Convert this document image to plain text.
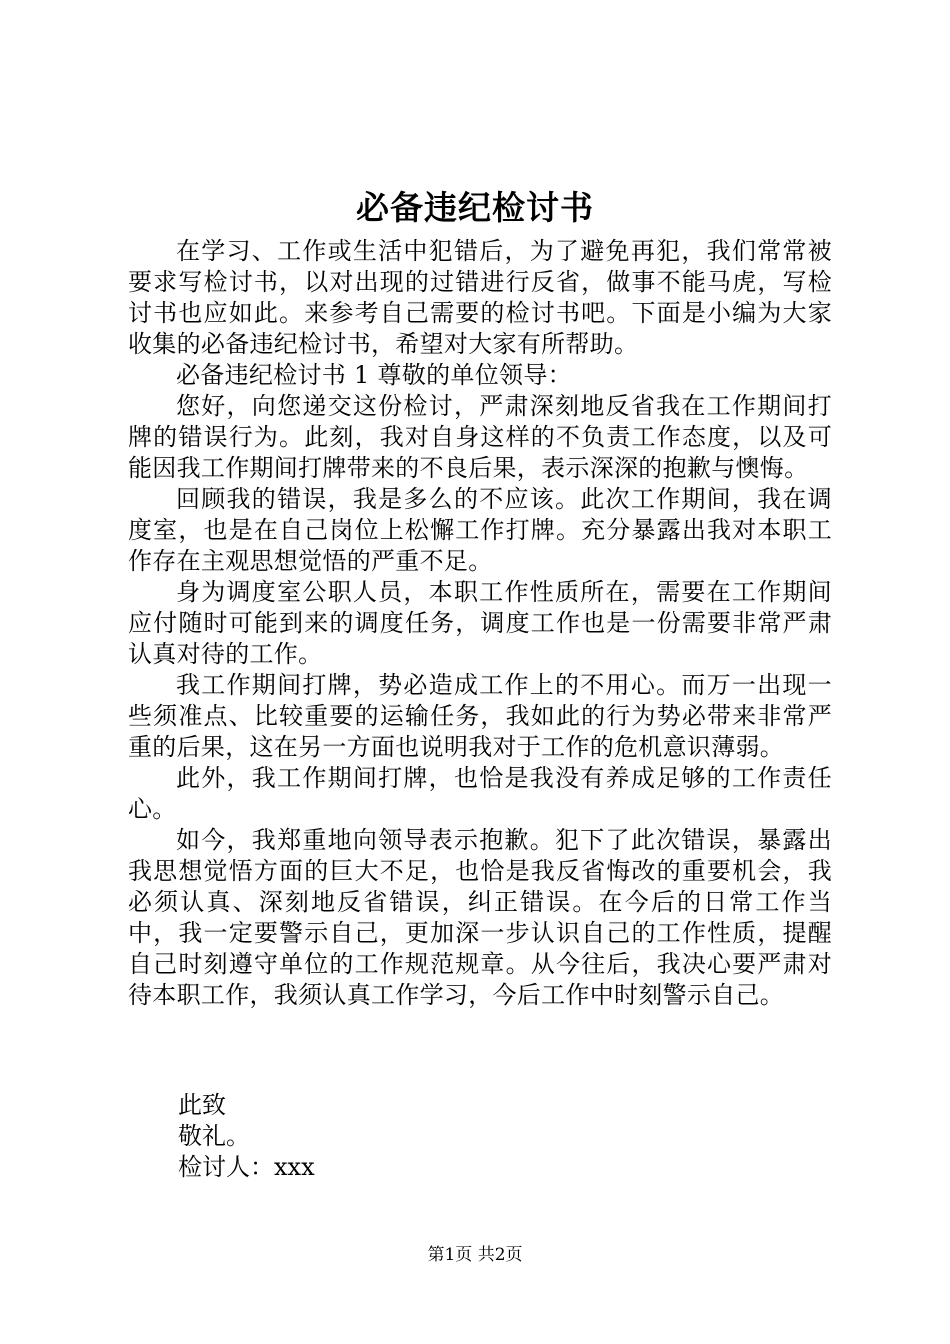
必备违纪检讨书

在学习、工作或生活中犯错后，为了避免再犯，我们常常被要求写检讨书，以对出现的过错进行反省，做事不能马虎，写检讨书也应如此。来参考自己需要的检讨书吧。下面是小编为大家收集的必备违纪检讨书，希望对大家有所帮助。

必备违纪检讨书 1 尊敬的单位领导：

您好，向您递交这份检讨，严肃深刻地反省我在工作期间打牌的错误行为。此刻，我对自身这样的不负责工作态度，以及可能因我工作期间打牌带来的不良后果，表示深深的抱歉与懊悔。

回顾我的错误，我是多么的不应该。此次工作期间，我在调度室，也是在自己岗位上松懈工作打牌。充分暴露出我对本职工作存在主观思想觉悟的严重不足。

身为调度室公职人员，本职工作性质所在，需要在工作期间应付随时可能到来的调度任务，调度工作也是一份需要非常严肃认真对待的工作。

我工作期间打牌，势必造成工作上的不用心。而万一出现一些须准点、比较重要的运输任务，我如此的行为势必带来非常严重的后果，这在另一方面也说明我对于工作的危机意识薄弱。

此外，我工作期间打牌，也恰是我没有养成足够的工作责任心。

如今，我郑重地向领导表示抱歉。犯下了此次错误，暴露出我思想觉悟方面的巨大不足，也恰是我反省悔改的重要机会，我必须认真、深刻地反省错误，纠正错误。在今后的日常工作当中，我一定要警示自己，更加深一步认识自己的工作性质，提醒自己时刻遵守单位的工作规范规章。从今往后，我决心要严肃对待本职工作，我须认真工作学习，今后工作中时刻警示自己。

此致
敬礼。
检讨人：xxx
第1页 共2页
